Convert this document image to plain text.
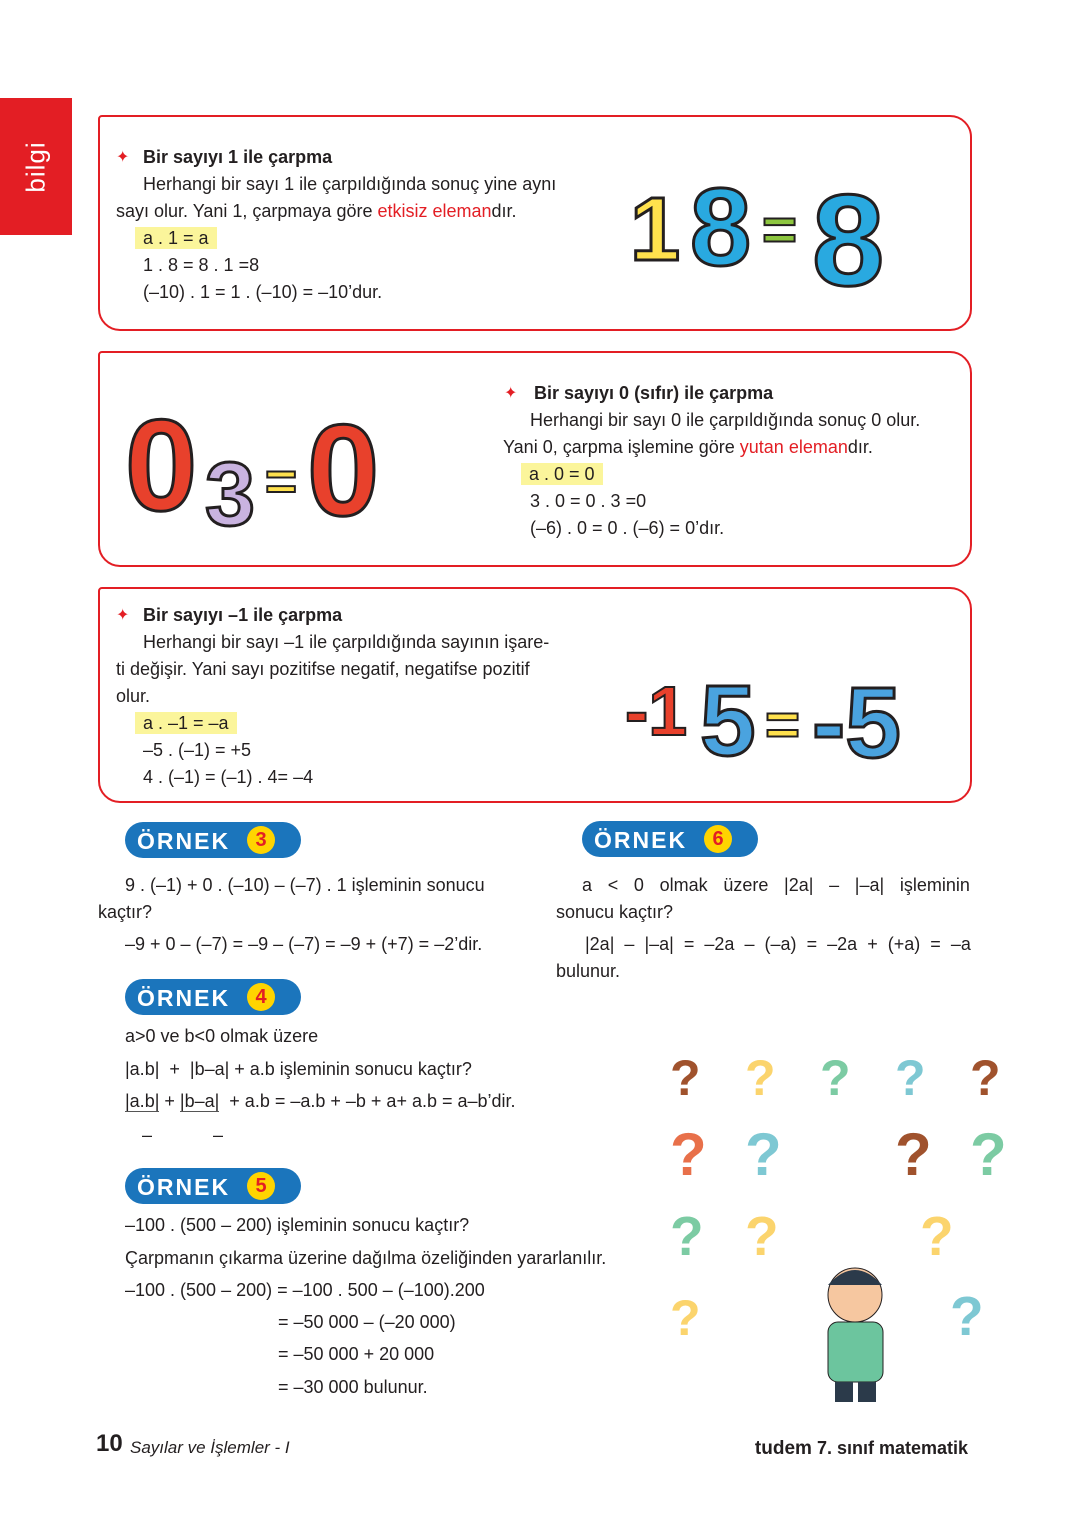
bilgi	✦ Bir sayıyı 1 ile çarpma
Herhangi bir sayı 1 ile çarpıldığında sonuç yine aynı
sayı olur. Yani 1, çarpmaya göre etkisiz elemandır.
a . 1 = a
1 . 8 = 8 . 1 =8
(–10) . 1 = 1 . (–10) = –10’dur.
1 8 = 8
0 3 = 0
✦ Bir sayıyı 0 (sıfır) ile çarpma
Herhangi bir sayı 0 ile çarpıldığında sonuç 0 olur.
Yani 0, çarpma işlemine göre yutan elemandır.
a . 0 = 0
3 . 0 = 0 . 3 =0
(–6) . 0 = 0 . (–6) = 0’dır.
✦ Bir sayıyı –1 ile çarpma
Herhangi bir sayı –1 ile çarpıldığında sayının işare-
ti değişir. Yani sayı pozitifse negatif, negatifse pozitif
olur.
a . –1 = –a
–5 . (–1) = +5
4 . (–1) = (–1) . 4= –4
-1 5 = -5
ÖRNEK	3
9 . (–1) + 0 . (–10) – (–7) . 1 işleminin sonucu
kaçtır?
–9 + 0 – (–7) = –9 – (–7) = –9 + (+7) = –2’dir.
ÖRNEK	6
a < 0 olmak üzere |2a| – |–a| işleminin
sonucu kaçtır?
|2a| – |–a| = –2a – (–a) = –2a + (+a) = –a
bulunur.
ÖRNEK	4
a>0 ve b<0 olmak üzere
|a.b|  +  |b–a| + a.b işleminin sonucu kaçtır?
|a.b| + |b–a|  + a.b = –a.b + –b + a+ a.b = a–b’dir.
–	–
ÖRNEK	5
–100 . (500 – 200) işleminin sonucu kaçtır?
Çarpmanın çıkarma üzerine dağılma özeliğinden yararlanılır.
–100 . (500 – 200) = –100 . 500 – (–100).200
= –50 000 – (–20 000)
= –50 000 + 20 000
= –30 000 bulunur.
? ? ? ? ?
? ? ? ?
? ?	?
?	?
10 Sayılar ve İşlemler - I	tudem 7. sınıf matematik
